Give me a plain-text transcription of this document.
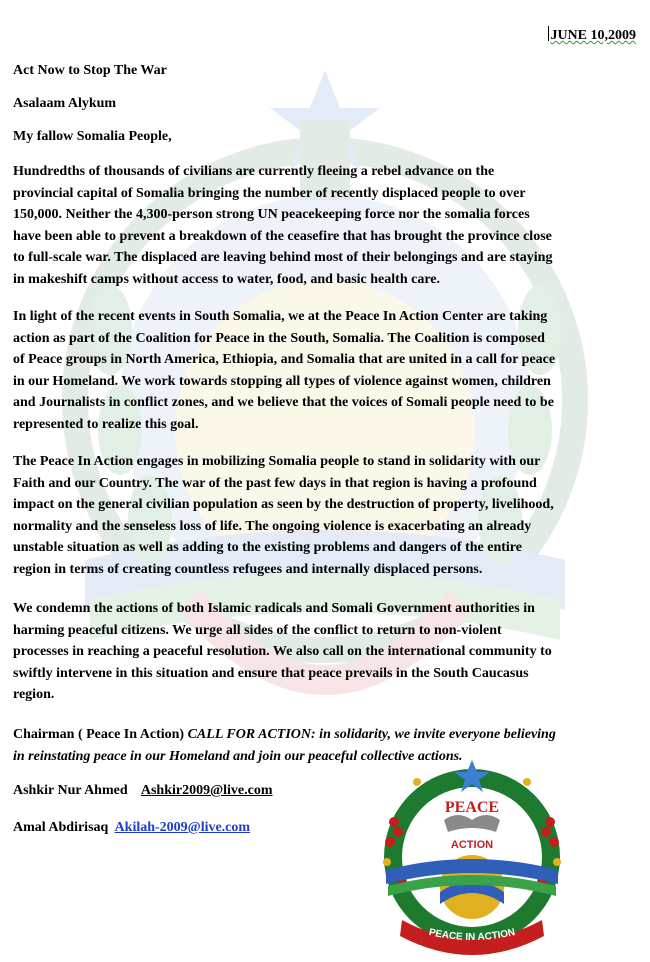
JUNE 10,2009
Act Now to Stop The War
Asalaam Alykum
My fallow Somalia People,
Hundredths of thousands of civilians are currently fleeing a rebel advance on the
provincial capital of Somalia bringing the number of recently displaced people to over
150,000. Neither the 4,300-person strong UN peacekeeping force nor the somalia forces
have been able to prevent a breakdown of the ceasefire that has brought the province close
to full-scale war. The displaced are leaving behind most of their belongings and are staying
in makeshift camps without access to water, food, and basic health care.
In light of the recent events in South Somalia, we at the Peace In Action Center are taking
action as part of the Coalition for Peace in the South, Somalia. The Coalition is composed
of Peace groups in North America, Ethiopia, and Somalia that are united in a call for peace
in our Homeland. We work towards stopping all types of violence against women, children
and Journalists in conflict zones, and we believe that the voices of Somali people need to be
represented to realize this goal.
The Peace In Action engages in mobilizing Somalia people to stand in solidarity with our
Faith and our Country. The war of the past few days in that region is having a profound
impact on the general civilian population as seen by the destruction of property, livelihood,
normality and the senseless loss of life. The ongoing violence is exacerbating an already
unstable situation as well as adding to the existing problems and dangers of the entire
region in terms of creating countless refugees and internally displaced persons.
We condemn the actions of both Islamic radicals and Somali Government authorities in
harming peaceful citizens. We urge all sides of the conflict to return to non-violent
processes in reaching a peaceful resolution. We also call on the international community to
swiftly intervene in this situation and ensure that peace prevails in the South Caucasus
region.
Chairman ( Peace In Action) CALL FOR ACTION: in solidarity, we invite everyone believing
in reinstating peace in our Homeland and join our peaceful collective actions.
Ashkir Nur Ahmed Ashkir2009@live.com
Amal Abdirisaq Akilah-2009@live.com
PEACE
ACTION
PEACE IN ACTION
